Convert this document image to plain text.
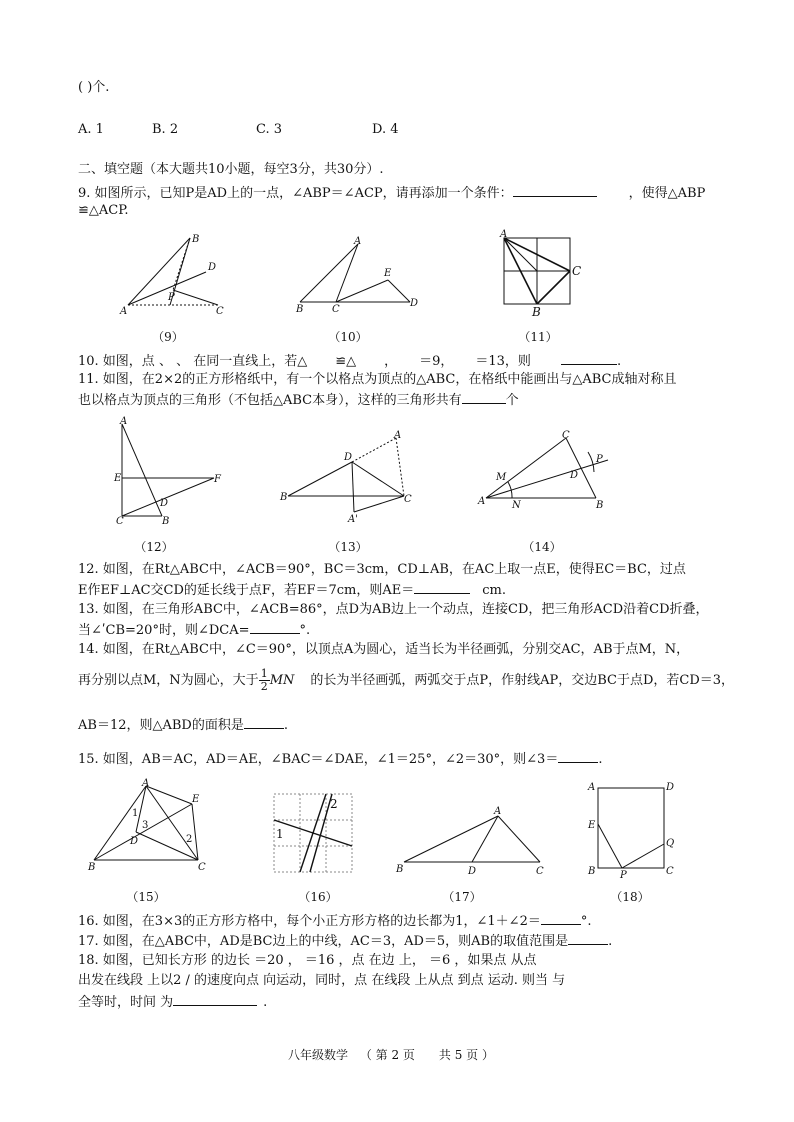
( )个.
A. 1	B. 2	C. 3	D. 4
二、填空题（本大题共10小题，每空3分，共30分）.
9. 如图所示，已知P是AD上的一点，∠ABP＝∠ACP，请再添加一个条件：	，使得△ABP
≌△ACP.
B
D
P
A	C
A
E
B	C
D
A
C
B
（9）	（10）	（11）
10. 如图，点 、 、 在同一直线上，若△ ≌△ ， ＝9， ＝13，则	.
11. 如图，在2×2的正方形格纸中，有一个以格点为顶点的△ABC，在格纸中能画出与△ABC成轴对称且
也以格点为顶点的三角形（不包括△ABC本身），这样的三角形共有	个
A
E	F
D
C	B
A
D
B	C
A'
C
P
M	D
A	N	B
（12）	（13）	（14）
12. 如图，在Rt△ABC中，∠ACB＝90°，BC＝3cm，CD⊥AB，在AC上取一点E，使得EC＝BC，过点
E作EF⊥AC交CD的延长线于点F，若EF＝7cm，则AE＝	cm.
13. 如图，在三角形ABC中，∠ACB=86°，点D为AB边上一个动点，连接CD，把三角形ACD沿着CD折叠，
当∠ʹCB=20°时，则∠DCA=	°.
14. 如图，在Rt△ABC中，∠C＝90°，以顶点A为圆心，适当长为半径画弧，分别交AC，AB于点M，N，
再分别以点M，N为圆心，大于 $\frac{1}{2}$ MN 的长为半径画弧，两弧交于点P，作射线AP，交边BC于点D，若CD＝3，
AB＝12，则△ABD的面积是	.
15. 如图，AB＝AC，AD＝AE，∠BAC＝∠DAE，∠1＝25°，∠2＝30°，则∠3＝	.
A
E
1
3
D	2
B	C
2
1
A
B	D	C
A	D
E
Q
B P	C
（15）	（16）	（17）	（18）
16. 如图，在3×3的正方形方格中，每个小正方形方格的边长都为1，∠1＋∠2＝	°.
17. 如图，在△ABC中，AD是BC边上的中线，AC＝3，AD＝5，则AB的取值范围是	.
18. 如图，已知长方形 的边长 ＝20 ， ＝16 ，点 在边 上， ＝6 ，如果点 从点
出发在线段 上以2 / 的速度向点 向运动，同时，点 在线段 上从点 到点 运动. 则当 与
全等时，时间 为	.
八年级数学 （ 第 2 页　　共 5 页 ）
